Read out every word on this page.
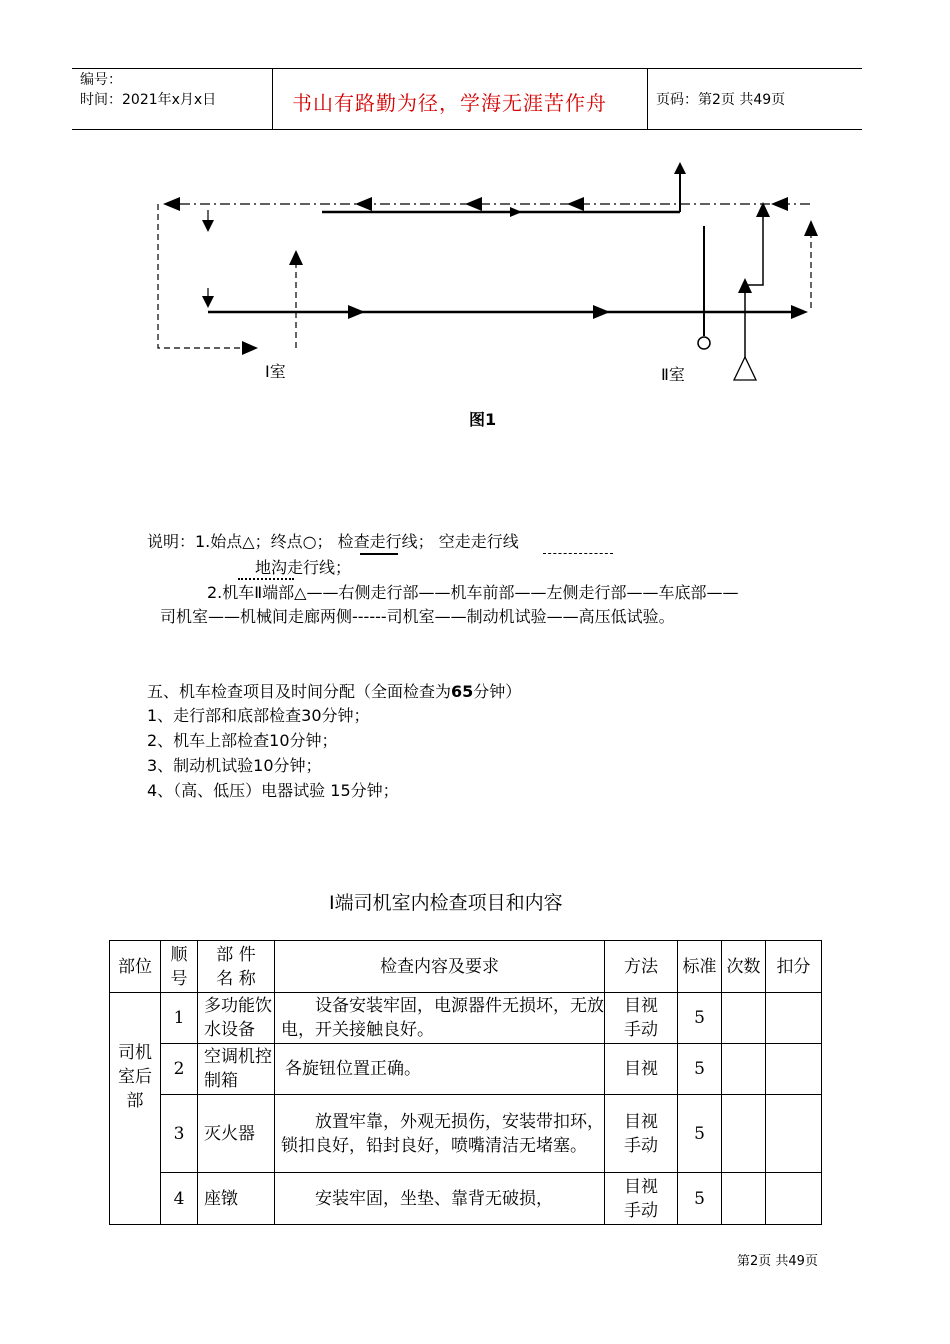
编号：
时间：2021年x月x日	书山有路勤为径，学海无涯苦作舟	页码：第2页 共49页
Ⅰ室	Ⅱ室
图1
说明：1.始点△；终点○； 检查走行线； 空走走行线
地沟走行线；
2.机车Ⅱ端部△——右侧走行部——机车前部——左侧走行部——车底部——
司机室——机械间走廊两侧------司机室——制动机试验——高压低试验。
五、机车检查项目及时间分配（全面检查为65分钟）
1、走行部和底部检查30分钟；
2、机车上部检查10分钟；
3、制动机试验10分钟；
4、（高、低压）电器试验 15分钟；
Ⅰ端司机室内检查项目和内容
部位	顺号	部 件 名 称	检查内容及要求	方法	标准	次数	扣分

司机室后部	1	多功能饮水设备	设备安装牢固，电源器件无损坏，无放电，开关接触良好。	目视手动	5		
	2	空调机控制箱	各旋钮位置正确。	目视	5		
	3	灭火器	放置牢靠，外观无损伤，安装带扣环，锁扣良好，铅封良好，喷嘴清洁无堵塞。	目视手动	5		
	4	座镦	安装牢固，坐垫、靠背无破损，	目视手动	5		
第2页 共49页
